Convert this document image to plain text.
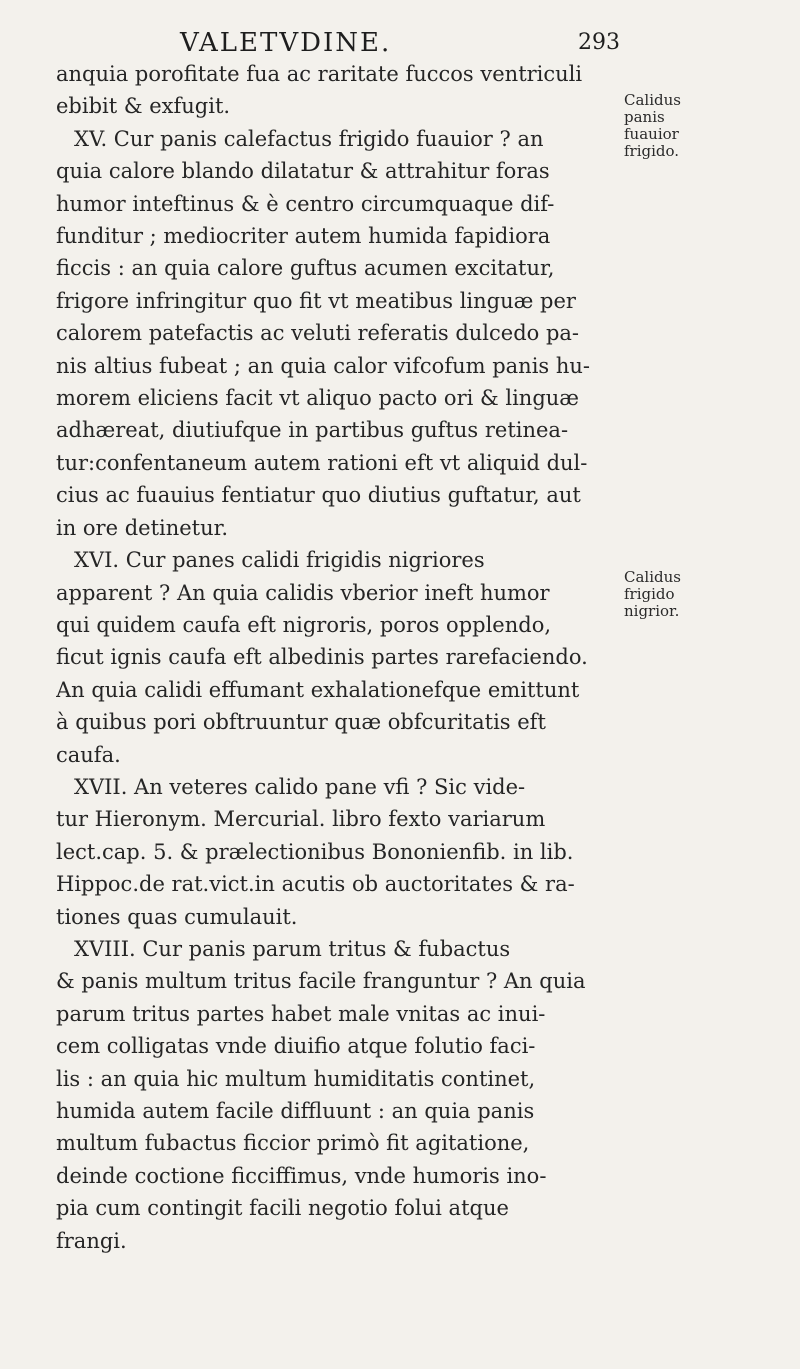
VALETVDINE.	293
anquia porofitate fua ac raritate fuccos ventriculi
ebibit & exfugit.
XV. Cur panis calefactus frigido fuauior ? an
quia calore blando dilatatur & attrahitur foras
humor inteftinus & è centro circumquaque dif-
funditur ; mediocriter autem humida fapidiora
ficcis : an quia calore guftus acumen excitatur,
frigore infringitur quo fit vt meatibus linguæ per
calorem patefactis ac veluti referatis dulcedo pa-
nis altius fubeat ; an quia calor vifcofum panis hu-
morem eliciens facit vt aliquo pacto ori & linguæ
adhæreat, diutiufque in partibus guftus retinea-
tur:confentaneum autem rationi eft vt aliquid dul-
cius ac fuauius fentiatur quo diutius guftatur, aut
in ore detinetur.
XVI. Cur panes calidi frigidis nigriores
apparent ? An quia calidis vberior ineft humor
qui quidem caufa eft nigroris, poros opplendo,
ficut ignis caufa eft albedinis partes rarefaciendo.
An quia calidi effumant exhalationefque emittunt
à quibus pori obftruuntur quæ obfcuritatis eft
caufa.
XVII. An veteres calido pane vfi ? Sic vide-
tur Hieronym. Mercurial. libro fexto variarum
lect.cap. 5. & prælectionibus Bononienfib. in lib.
Hippoc.de rat.vict.in acutis ob auctoritates & ra-
tiones quas cumulauit.
XVIII. Cur panis parum tritus & fubactus
& panis multum tritus facile franguntur ? An quia
parum tritus partes habet male vnitas ac inui-
cem colligatas vnde diuifio atque folutio faci-
lis : an quia hic multum humiditatis continet,
humida autem facile diffluunt : an quia panis
multum fubactus ficcior primò fit agitatione,
deinde coctione ficciffimus, vnde humoris ino-
pia cum contingit facili negotio folui atque
frangi.
Calidus
panis
fuauior
frigido.
Calidus
frigido
nigrior.
